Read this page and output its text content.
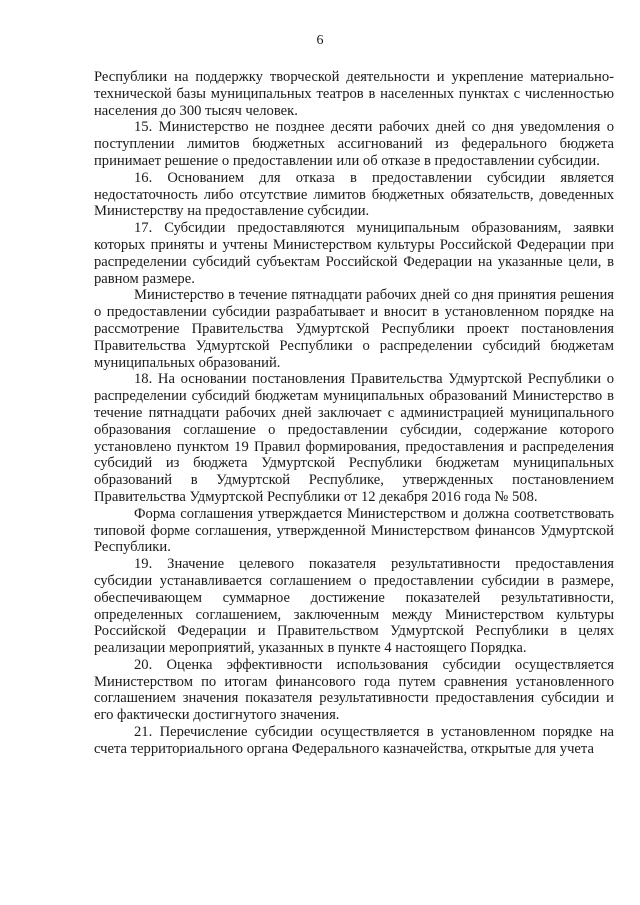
6

Республики на поддержку творческой деятельности и укрепление материально-технической базы муниципальных театров в населенных пунктах с численностью населения до 300 тысяч человек.

15. Министерство не позднее десяти рабочих дней со дня уведомления о поступлении лимитов бюджетных ассигнований из федерального бюджета принимает решение о предоставлении или об отказе в предоставлении субсидии.

16. Основанием для отказа в предоставлении субсидии является недостаточность либо отсутствие лимитов бюджетных обязательств, доведенных Министерству на предоставление субсидии.

17. Субсидии предоставляются муниципальным образованиям, заявки которых приняты и учтены Министерством культуры Российской Федерации при распределении субсидий субъектам Российской Федерации на указанные цели, в равном размере.

Министерство в течение пятнадцати рабочих дней со дня принятия решения о предоставлении субсидии разрабатывает и вносит в установленном порядке на рассмотрение Правительства Удмуртской Республики проект постановления Правительства Удмуртской Республики о распределении субсидий бюджетам муниципальных образований.

18. На основании постановления Правительства Удмуртской Республики о распределении субсидий бюджетам муниципальных образований Министерство в течение пятнадцати рабочих дней заключает с администрацией муниципального образования соглашение о предоставлении субсидии, содержание которого установлено пунктом 19 Правил формирования, предоставления и распределения субсидий из бюджета Удмуртской Республики бюджетам муниципальных образований в Удмуртской Республике, утвержденных постановлением Правительства Удмуртской Республики от 12 декабря 2016 года № 508.

Форма соглашения утверждается Министерством и должна соответствовать типовой форме соглашения, утвержденной Министерством финансов Удмуртской Республики.

19. Значение целевого показателя результативности предоставления субсидии устанавливается соглашением о предоставлении субсидии в размере, обеспечивающем суммарное достижение показателей результативности, определенных соглашением, заключенным между Министерством культуры Российской Федерации и Правительством Удмуртской Республики в целях реализации мероприятий, указанных в пункте 4 настоящего Порядка.

20. Оценка эффективности использования субсидии осуществляется Министерством по итогам финансового года путем сравнения установленного соглашением значения показателя результативности предоставления субсидии и его фактически достигнутого значения.

21. Перечисление субсидии осуществляется в установленном порядке на счета территориального органа Федерального казначейства, открытые для учета
